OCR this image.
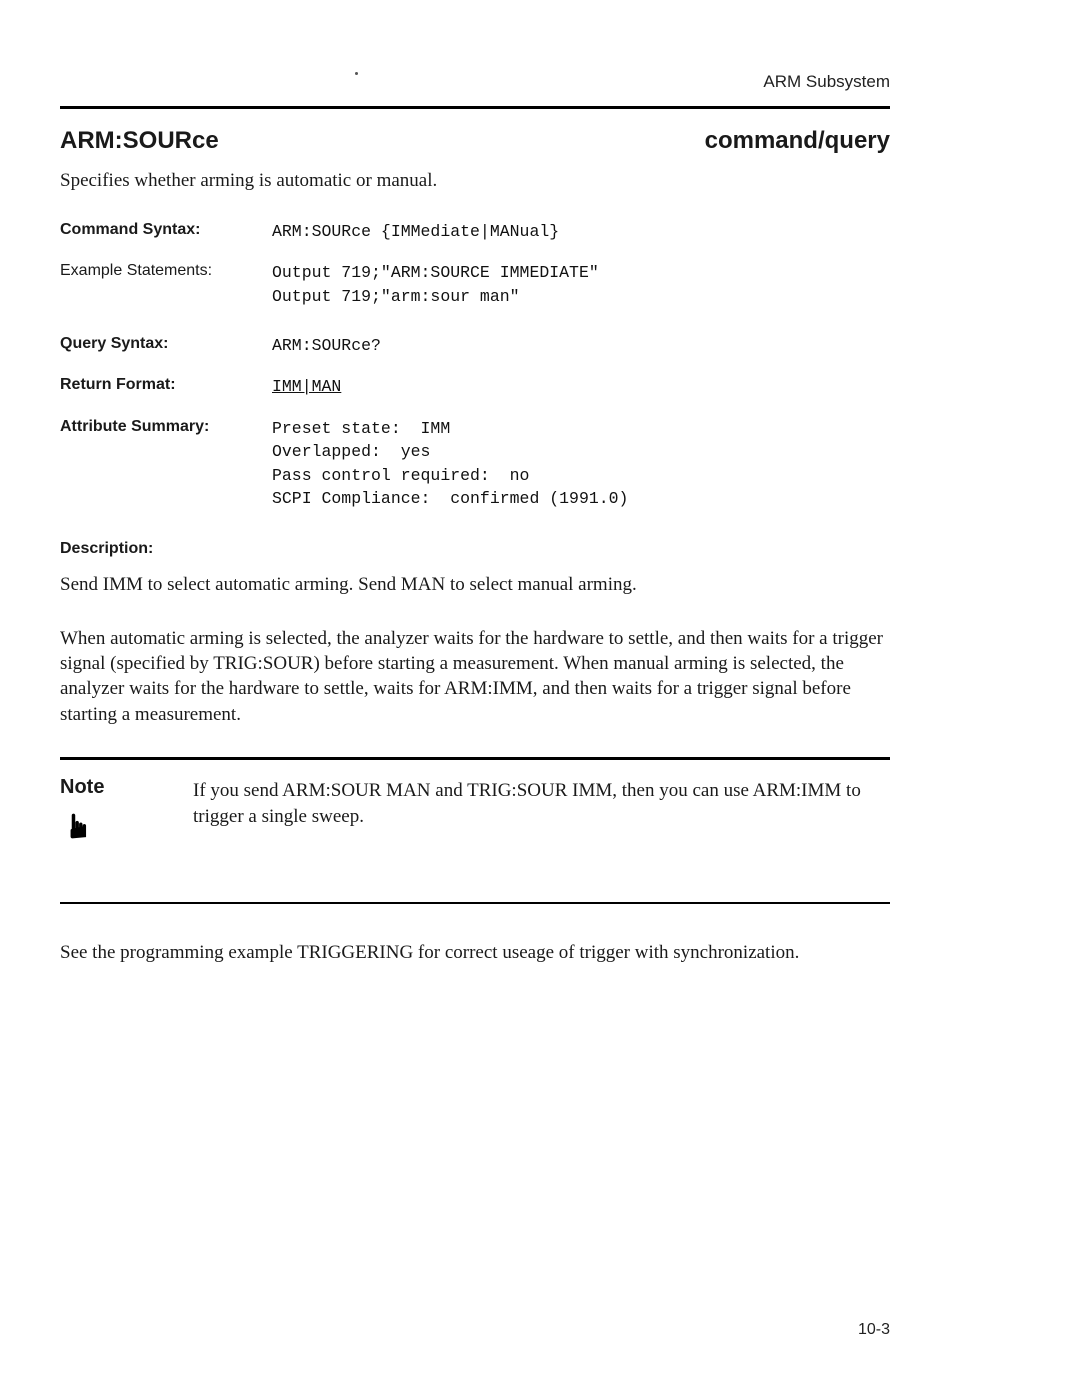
ARM Subsystem
ARM:SOURce	command/query

Specifies whether arming is automatic or manual.

Command Syntax:	ARM:SOURce {IMMediate|MANual}
Example Statements:	Output 719;"ARM:SOURCE IMMEDIATE"
Output 719;"arm:sour man"
Query Syntax:	ARM:SOURce?
Return Format:	IMM|MAN
Attribute Summary:	Preset state:  IMM
Overlapped:  yes
Pass control required:  no
SCPI Compliance:  confirmed (1991.0)
Description:

Send IMM to select automatic arming. Send MAN to select manual arming.

When automatic arming is selected, the analyzer waits for the hardware to settle, and then waits for a trigger signal (specified by TRIG:SOUR) before starting a measurement. When manual arming is selected, the analyzer waits for the hardware to settle, waits for ARM:IMM, and then waits for a trigger signal before starting a measurement.

Note
☛
If you send ARM:SOUR MAN and TRIG:SOUR IMM, then you can use ARM:IMM to trigger a single sweep.

See the programming example TRIGGERING for correct useage of trigger with synchronization.

10-3
